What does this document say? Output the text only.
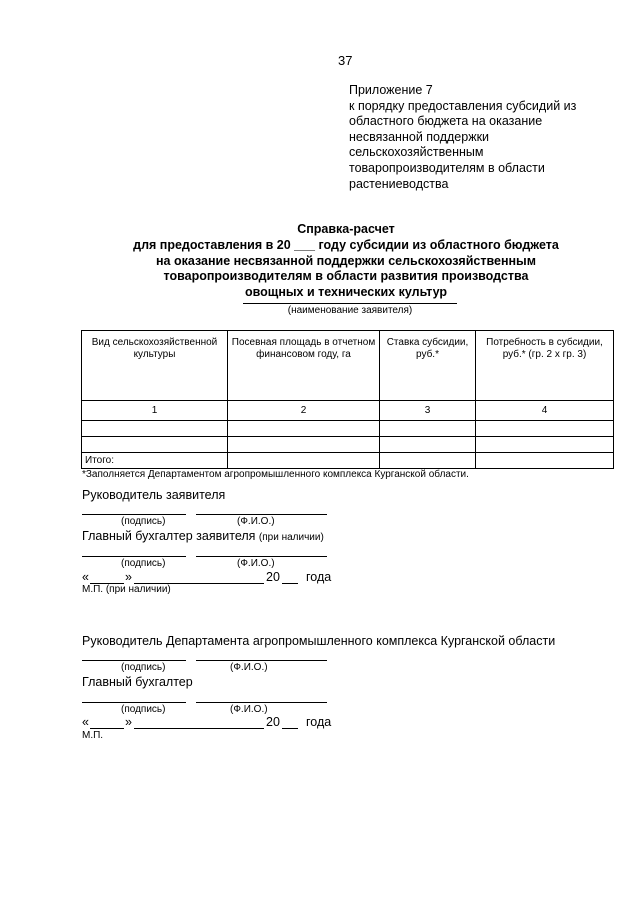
37
Приложение 7
к порядку предоставления субсидий из
областного бюджета на оказание
несвязанной поддержки
сельскохозяйственным
товаропроизводителям в области
растениеводства
Справка-расчет
для предоставления в 20 ___ году субсидии из областного бюджета
на оказание несвязанной поддержки сельскохозяйственным
товаропроизводителям в области развития производства
овощных и технических культур
(наименование заявителя)
Вид сельскохозяйственной культуры	Посевная площадь в отчетном финансовом году, га	Ставка субсидии, руб.*	Потребность в субсидии, руб.* (гр. 2 х гр. 3)
1	2	3	4

Итого:			
*Заполняется Департаментом агропромышленного комплекса Курганской области.
Руководитель заявителя
(подпись)	(Ф.И.О.)
Главный бухгалтер заявителя (при наличии)
(подпись)	(Ф.И.О.)
«	»	20 года
М.П. (при наличии)
Руководитель Департамента агропромышленного комплекса Курганской области
(подпись)	(Ф.И.О.)
Главный бухгалтер
(подпись)	(Ф.И.О.)
«	»	20 года
М.П.
